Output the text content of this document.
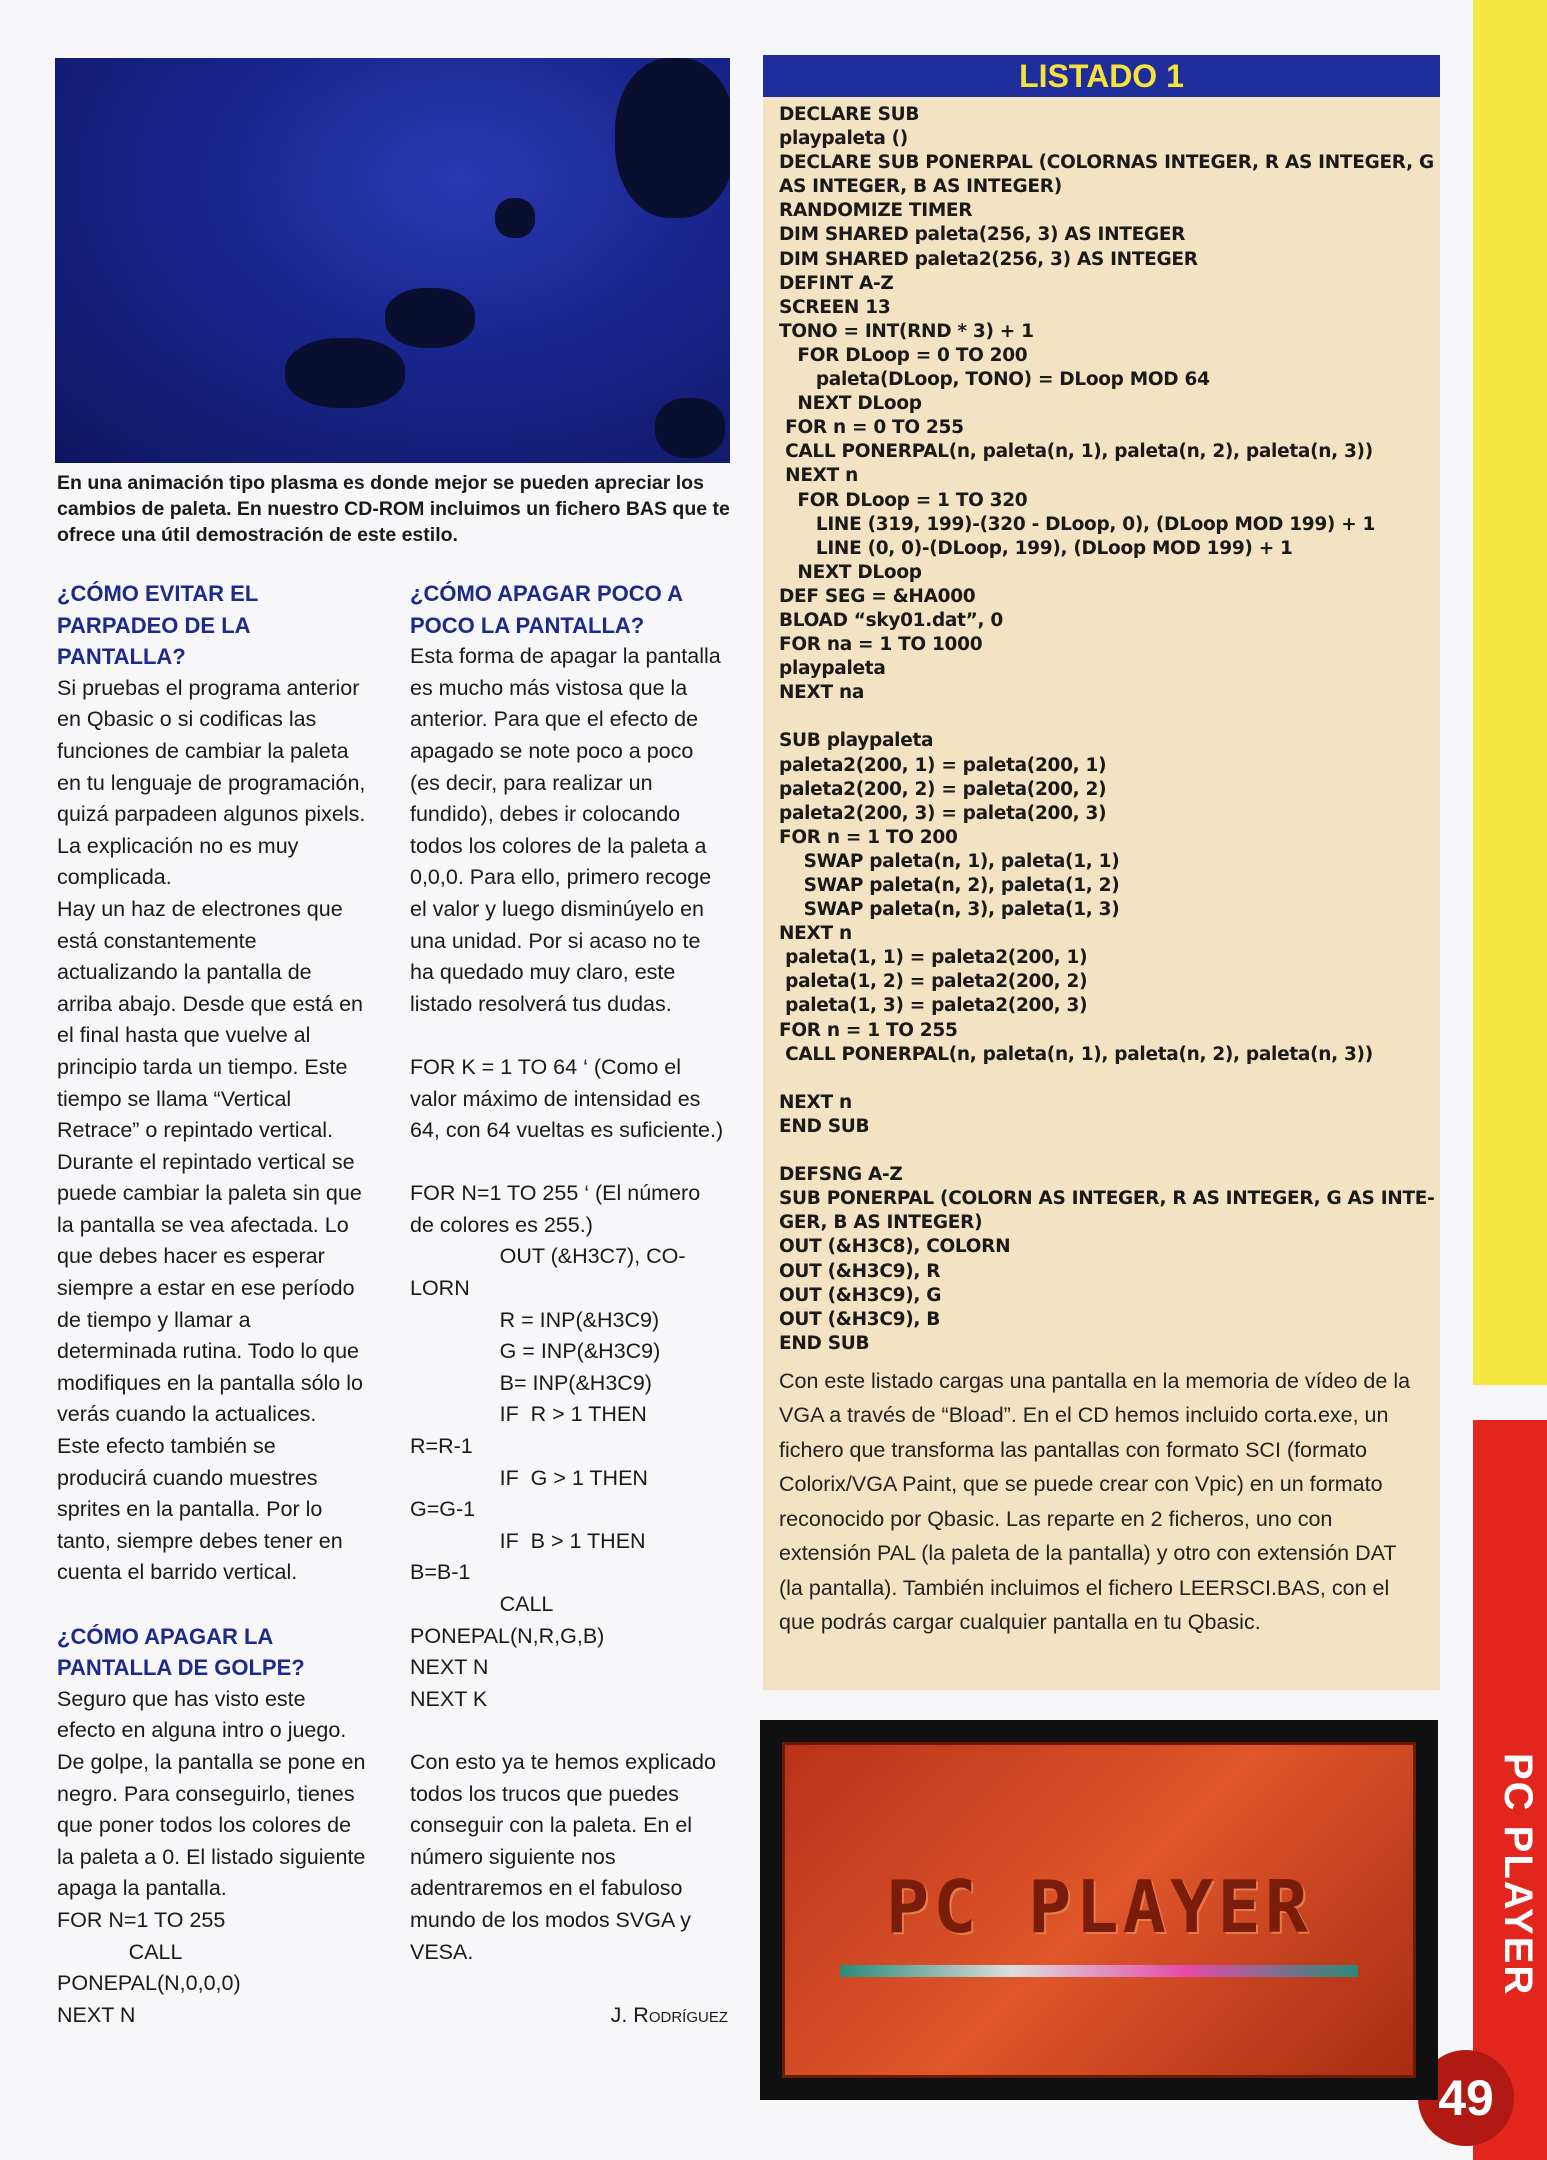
PC PLAYER
49
En una animación tipo plasma es donde mejor se pueden apreciar los cambios de paleta. En nuestro CD-ROM incluimos un fichero BAS que te ofrece una útil demostración de este estilo.
¿CÓMO EVITAR EL PARPADEO DE LA PANTALLA?

Si pruebas el programa anterior en Qbasic o si codificas las funciones de cambiar la paleta en tu lenguaje de programación, quizá parpadeen algunos pixels. La explicación no es muy complicada.

Hay un haz de electrones que está constantemente actualizando la pantalla de arriba abajo. Desde que está en el final hasta que vuelve al principio tarda un tiempo. Este tiempo se llama “Vertical Retrace” o repintado vertical. Durante el repintado vertical se puede cambiar la paleta sin que la pantalla se vea afectada. Lo que debes hacer es esperar siempre a estar en ese período de tiempo y llamar a determinada rutina. Todo lo que modifiques en la pantalla sólo lo verás cuando la actualices.

Este efecto también se producirá cuando muestres sprites en la pantalla. Por lo tanto, siempre debes tener en cuenta el barrido vertical.

¿CÓMO APAGAR LA PANTALLA DE GOLPE?

Seguro que has visto este efecto en alguna intro o juego. De golpe, la pantalla se pone en negro. Para conseguirlo, tienes que poner todos los colores de la paleta a 0. El listado siguiente apaga la pantalla.

FOR N=1 TO 255
CALL
PONEPAL(N,0,0,0)
NEXT N
¿CÓMO APAGAR POCO A POCO LA PANTALLA?

Esta forma de apagar la pantalla es mucho más vistosa que la anterior. Para que el efecto de apagado se note poco a poco (es decir, para realizar un fundido), debes ir colocando todos los colores de la paleta a 0,0,0. Para ello, primero recoge el valor y luego disminúyelo en una unidad. Por si acaso no te ha quedado muy claro, este listado resolverá tus dudas.

FOR K = 1 TO 64 ‘ (Como el valor máximo de intensidad es 64, con 64 vueltas es suficiente.)

FOR N=1 TO 255 ‘ (El número de colores es 255.)

OUT (&H3C7), CO-
LORN
R = INP(&H3C9)
G = INP(&H3C9)
B= INP(&H3C9)
IF  R > 1 THEN
R=R-1
IF  G > 1 THEN
G=G-1
IF  B > 1 THEN
B=B-1
CALL
PONEPAL(N,R,G,B)
NEXT N
NEXT K

Con esto ya te hemos explicado todos los trucos que puedes conseguir con la paleta. En el número siguiente nos adentraremos en el fabuloso mundo de los modos SVGA y VESA.

J. Rodríguez

LISTADO 1
DECLARE SUB
playpaleta ()
DECLARE SUB PONERPAL (COLORNAS INTEGER, R AS INTEGER, G
AS INTEGER, B AS INTEGER)
RANDOMIZE TIMER
DIM SHARED paleta(256, 3) AS INTEGER
DIM SHARED paleta2(256, 3) AS INTEGER
DEFINT A-Z
SCREEN 13
TONO = INT(RND * 3) + 1
FOR DLoop = 0 TO 200
paleta(DLoop, TONO) = DLoop MOD 64
NEXT DLoop
FOR n = 0 TO 255
CALL PONERPAL(n, paleta(n, 1), paleta(n, 2), paleta(n, 3))
NEXT n
FOR DLoop = 1 TO 320
LINE (319, 199)-(320 - DLoop, 0), (DLoop MOD 199) + 1
LINE (0, 0)-(DLoop, 199), (DLoop MOD 199) + 1
NEXT DLoop
DEF SEG = &HA000
BLOAD “sky01.dat”, 0
FOR na = 1 TO 1000
playpaleta
NEXT na

SUB playpaleta
paleta2(200, 1) = paleta(200, 1)
paleta2(200, 2) = paleta(200, 2)
paleta2(200, 3) = paleta(200, 3)
FOR n = 1 TO 200
SWAP paleta(n, 1), paleta(1, 1)
SWAP paleta(n, 2), paleta(1, 2)
SWAP paleta(n, 3), paleta(1, 3)
NEXT n
paleta(1, 1) = paleta2(200, 1)
paleta(1, 2) = paleta2(200, 2)
paleta(1, 3) = paleta2(200, 3)
FOR n = 1 TO 255
CALL PONERPAL(n, paleta(n, 1), paleta(n, 2), paleta(n, 3))

NEXT n
END SUB

DEFSNG A-Z
SUB PONERPAL (COLORN AS INTEGER, R AS INTEGER, G AS INTE-
GER, B AS INTEGER)
OUT (&H3C8), COLORN
OUT (&H3C9), R
OUT (&H3C9), G
OUT (&H3C9), B
END SUB

Con este listado cargas una pantalla en la memoria de vídeo de la VGA a través de “Bload”. En el CD hemos incluido corta.exe, un fichero que transforma las pantallas con formato SCI (formato Colorix/VGA Paint, que se puede crear con Vpic) en un formato reconocido por Qbasic. Las reparte en 2 ficheros, uno con extensión PAL (la paleta de la pantalla) y otro con extensión DAT (la pantalla). También incluimos el fichero LEERSCI.BAS, con el que podrás cargar cualquier pantalla en tu Qbasic.

PC PLAYER
